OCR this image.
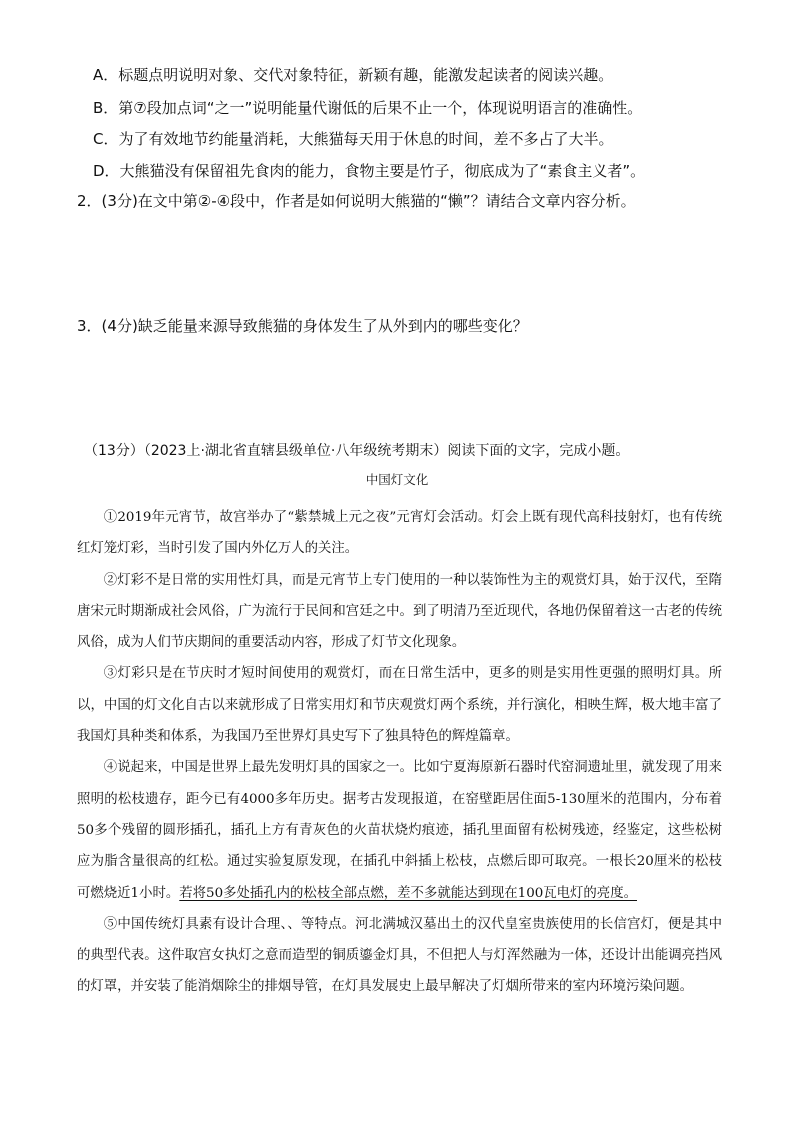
A．标题点明说明对象、交代对象特征，新颖有趣，能激发起读者的阅读兴趣。
B．第⑦段加点词“之一”说明能量代谢低的后果不止一个，体现说明语言的准确性。
C．为了有效地节约能量消耗，大熊猫每天用于休息的时间，差不多占了大半。
D．大熊猫没有保留祖先食肉的能力，食物主要是竹子，彻底成为了“素食主义者”。
2．(3分)在文中第②-④段中，作者是如何说明大熊猫的“懒”？请结合文章内容分析。
3．(4分)缺乏能量来源导致熊猫的身体发生了从外到内的哪些变化？
（13分）（2023上·湖北省直辖县级单位·八年级统考期末）阅读下面的文字，完成小题。
中国灯文化

①2019年元宵节，故宫举办了“紫禁城上元之夜”元宵灯会活动。灯会上既有现代高科技射灯，也有传统红灯笼灯彩，当时引发了国内外亿万人的关注。

②灯彩不是日常的实用性灯具，而是元宵节上专门使用的一种以装饰性为主的观赏灯具，始于汉代，至隋唐宋元时期渐成社会风俗，广为流行于民间和宫廷之中。到了明清乃至近现代，各地仍保留着这一古老的传统风俗，成为人们节庆期间的重要活动内容，形成了灯节文化现象。

③灯彩只是在节庆时才短时间使用的观赏灯，而在日常生活中，更多的则是实用性更强的照明灯具。所以，中国的灯文化自古以来就形成了日常实用灯和节庆观赏灯两个系统，并行演化，相映生辉，极大地丰富了我国灯具种类和体系，为我国乃至世界灯具史写下了独具特色的辉煌篇章。

④说起来，中国是世界上最先发明灯具的国家之一。比如宁夏海原新石器时代窑洞遗址里，就发现了用来照明的松枝遗存，距今已有4000多年历史。据考古发现报道，在窑壁距居住面5-130厘米的范围内，分布着50多个残留的圆形插孔，插孔上方有青灰色的火苗状烧灼痕迹，插孔里面留有松树残迹，经鉴定，这些松树应为脂含量很高的红松。通过实验复原发现，在插孔中斜插上松枝，点燃后即可取亮。一根长20厘米的松枝可燃烧近1小时。若将50多处插孔内的松枝全部点燃，差不多就能达到现在100瓦电灯的亮度。

⑤中国传统灯具素有设计合理、、等特点。河北满城汉墓出土的汉代皇室贵族使用的长信宫灯，便是其中的典型代表。这件取宫女执灯之意而造型的铜质鎏金灯具，不但把人与灯浑然融为一体，还设计出能调亮挡风的灯罩，并安装了能消烟除尘的排烟导管，在灯具发展史上最早解决了灯烟所带来的室内环境污染问题。
